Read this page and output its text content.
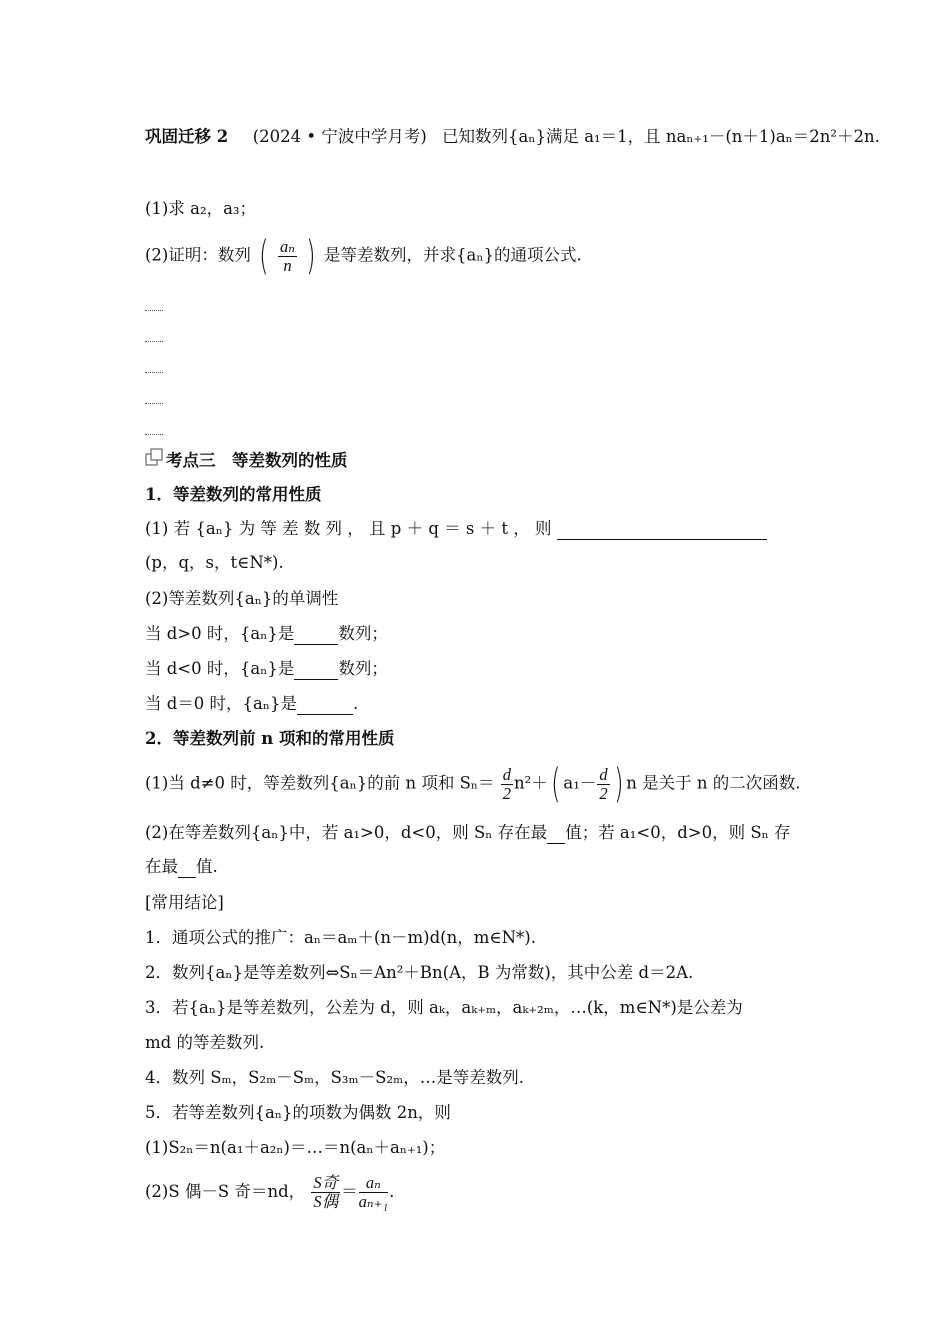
巩固迁移 2 (2024 • 宁波中学月考) 已知数列{aₙ}满足 a₁＝1，且 naₙ₊₁－(n＋1)aₙ＝2n²＋2n.
(1)求 a₂，a₃；
(2)证明：数列 ( $\frac{\text{aₙ}}{n}$ ) 是等差数列，并求{aₙ}的通项公式.
考点三　等差数列的性质
1．等差数列的常用性质
(1) 若 {aₙ} 为 等 差 数 列 ， 且 p ＋ q ＝ s ＋ t ， 则
(p，q，s，t∈N*).
(2)等差数列{aₙ}的单调性
当 d>0 时，{aₙ}是	数列；
当 d<0 时，{aₙ}是	数列；
当 d＝0 时，{aₙ}是	.
2．等差数列前 n 项和的常用性质
(1)当 d≠0 时，等差数列{aₙ}的前 n 项和 $S_n= \frac{d}{2} n^2+$( $a_1- \frac{d}{2}$ ) n 是关于 n 的二次函数.
(2)在等差数列{aₙ}中，若 a₁>0，d<0，则 Sₙ 存在最 值；若 a₁<0，d>0，则 Sₙ 存
在最 值.
[常用结论]
1．通项公式的推广：aₙ＝aₘ＋(n－m)d(n，m∈N*).
2．数列{aₙ}是等差数列⇔Sₙ＝An²＋Bn(A，B 为常数)，其中公差 d＝2A.
3．若{aₙ}是等差数列，公差为 d，则 aₖ，aₖ₊ₘ，aₖ₊₂ₘ，…(k，m∈N*)是公差为
md 的等差数列.
4．数列 Sₘ，S₂ₘ－Sₘ，S₃ₘ－S₂ₘ，…是等差数列.
5．若等差数列{aₙ}的项数为偶数 2n，则
(1)S₂ₙ＝n(a₁＋a₂ₙ)＝…＝n(aₙ＋aₙ₊₁)；
(2)S 偶－S 奇＝nd， $\frac{\text{S奇}}{\text{S偶}} = \frac{\text{aₙ}}{\text{aₙ₊₁}}$ .
